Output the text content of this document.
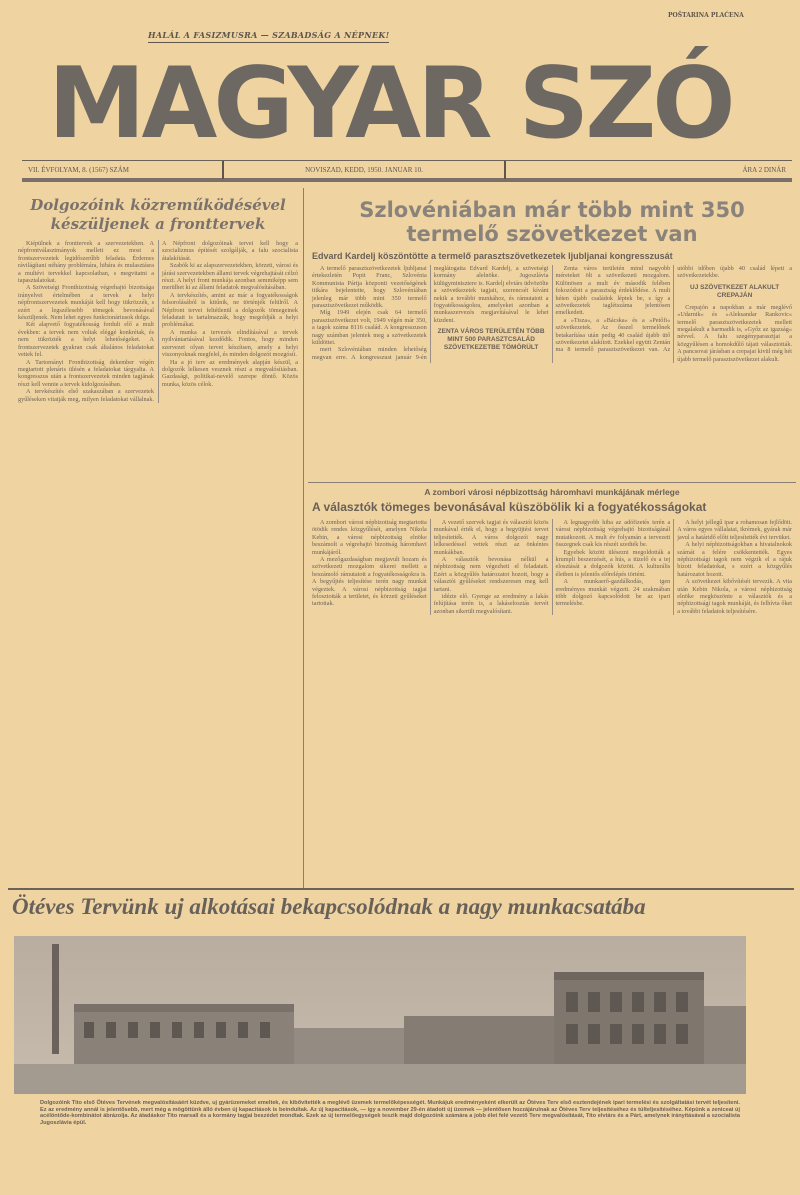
POŠTARINA PLAĆENA
HALÁL A FASIZMUSRA — SZABADSÁG A NÉPNEK!
MAGYAR SZÓ
VII. ÉVFOLYAM, 8. (1567) SZÁM	NOVISZAD, KEDD, 1950. JANUAR 10.	ÁRA 2 DINÁR
Dolgozóink közreműködésével készüljenek a fronttervek

Kiépülnek a fronttervek a szervezetekben. A népfrontválasztmányok mellett ez most a frontszervezetek legidőszerűbb feladata. Érdemes rávilágítani néhány problémára, hibára és mulasztásra a multévi tervekkel kapcsolatban, s megvitatni a tapasztalatokat.

A Szövetségi Fronthizottság végrehajtó bizottsága irányelvei értelmében a tervek a helyi népfrontszervezetek munkáját kell hogy tükrözzék, s ezért a legszélesebb tömegek bevonásával készüljenek. Nem lehet egyes funkcionáriusok dolga.

Két alapvető fogyatékosság fordult elő a mult években: a tervek nem voltak eléggé konkrétak, és nem tükrözték a helyi lehetőségeket. A frontszervezetek gyakran csak általános feladatokat vettek fel.

A Tartományi Fronthizottság dekember végén megtartott plenáris ülésén a feladatokat tárgyalta. A kongresszus után a frontszervezetek minden tagjának részt kell vennie a tervek kidolgozásában.

A tervkészítés első szakaszában a szervezetek gyűléseken vitatják meg, milyen feladatokat vállalnak. A Népfront dolgozóinak tervei kell hogy a szocializmus építését szolgálják, a falu szocialista átalakítását.

Szabók ki az alapszervezetekben, körzeti, városi és járási szervezetekben állami tervek végrehajtását célzó részt. A helyi front munkája azonban semmiképp sem merülhet ki az állami feladatok megvalósításában.

A tervkészítés, amint az már a fogyatékosságok felsorolásából is kitűnik, ne történjék felülről. A Népfront tervei feltétlenül a dolgozók tömegeinek feladatait is tartalmazzák, hogy megoldják a helyi problémákat.

A munka a tervezés elindításával a tervek nyilvántartásával kezdődik. Fontos, hogy minden szervezet olyan tervet készítsen, amely a helyi viszonyoknak megfelel, és minden dolgozót mozgósít.

Ha a jó terv az eredmények alapján készül, a dolgozók lelkesen vesznek részt a megvalósításban. Gazdasági, politikai-nevelő szerepe döntő. Közös munka, közös célok.

Szlovéniában már több mint 350
termelő szövetkezet van
Edvard Kardelj köszöntötte a termelő parasztszövetkezetek ljubljanai kongresszusát

A termelő parasztszövetkezetek ljubljanai értekezletén Popit Franc, Szlovénia Kommunista Pártja központi vezetőségének titkára bejelentette, hogy Szlovéniában jelenleg már több mint 350 termelő parasztszövetkezet működik.

Míg 1949 elején csak 64 termelő parasztszövetkezet volt, 1949 végén már 350, a tagok száma 8116 család. A kongresszuson nagy számban jelentek meg a szövetkezetek küldöttei.

mert Szlovéniában minden lehetőség megvan erre. A kongresszust január 9-én meglátogatta Edvard Kardelj, a szövetségi kormány alelnöke. Jugoszlávia külügyminisztere is. Kardelj elvtárs üdvözölte a szövetkezetek tagjait, szerencsét kívánt nekik a további munkához, és rámutatott a fogyatékosságokra, amelyeket azonban a munkaszervezés megjavításával le lehet küzdeni.

ZENTA VÁROS TERÜLETÉN TÖBB MINT 500 PARASZTCSALÁD SZÖVETKEZETBE TÖMÖRÜLT

Zenta város területén mind nagyobb méreteket ölt a szövetkezeti mozgalom. Különösen a mult év második felében fokozódott a parasztság érdeklődése. A mult héten újabb családok léptek be, s így a szövetkezetek taglétszáma jelentősen emelkedett.

a »Tisza«, a »Bácska« és a »Petőfi« szövetkezetek. Az ősszel termelőnek betakarítása után pedig 40 család újabb ütő szövetkezetet alakított. Ezekkel együtt Zentán ma 8 termelő parasztszövetkezet van. Az utóbbi időben újabb 40 család lépett a szövetkezetekbe.

UJ SZÖVETKEZET ALAKULT CREPAJÁN

Crepajón a napokban a már meglévő »Udarnik« és »Aleksandar Rankovic« termelő parasztszövetkezetek mellett megalakult a harmadik is, »Győz az igazság« névvel. A falu szegényparasztjai a közgyűlésen a homokdűlő tájait választották. A pancsovai járásban a crepajai kivül még hét újabb termelő parasztszövetkezet alakult.

A zombori városi népbizottság háromhavi munkájának mérlege
A választók tömeges bevonásával küszöbölik ki a fogyatékosságokat

A zombori városi népbizottság megtartotta ötödik rendes közgyűlését, amelyen Nikola Kebin, a városi népbizottság elnöke beszámolt a végrehajtó bizottság háromhavi munkájáról.

A mezőgazdaságban megjavult hozam és szövetkezeti mozgalom sikerei mellett a beszámoló rámutatott a fogyatékosságokra is. A begyűjtés teljesítése terén nagy munkát végeztek. A városi népbizottság tagjai felosztották a területet, és körzeti gyűléseket tartottak.

A vezető szervek tagjai és választói közös munkával érték el, hogy a begyüjtési tervet teljesítették. A város dolgozói nagy lelkesedéssel vettek részt az önkéntes munkákban.

A választók bevonása nélkül a népbizottság nem végezheti el feladatait. Ezért a közgyűlés határozatot hozott, hogy a választói gyűléseket rendszeresen meg kell tartani.

idézte elő. Gyenge az eredmény a lakás felújítása terén is, a lakáselosztás tervét azonban sikerült megvalósítani.

A legnagyobb hiba az adófizetés terén a városi népbizottság végrehajtó bizottságánál mutatkozott. A mult év folyamán a tervezett összegnek csak kis részét szedték be.

Egyebek között ülésezni megoldották a krumpli beszerzését, a hús, a tüzelő és a tej elosztását a dolgozók között. A kulturális életben is jelentős előrelépés történt.

A munkaerő-gazdálkodás, igen eredményes munkát végzett. 24 szakmában több dolgozó kapcsolódott be az ipari termelésbe.

A helyi jellegű ipar a rohamosan fejlődött. A város egyes vállalatai, ikrémek, gyárak már javul a határidő előtt teljesítették évi tervüket.

A helyi néphizottságokban a hivatalnokok számát a felére csökkentették. Egyes néphizottsági tagok nem végzik el a rájuk bízott feladatokat, s ezért a közgyűlés határozatot hozott.

A szövetkezet kibővítését tervezik. A vita után Kebin Nikola, a városi néphizottság elnöke megköszönte a választók és a néphizottsági tagok munkáját, és felhívta őket a további feladatok teljesítésére.

Ötéves Tervünk uj alkotásai bekapcsolódnak a nagy munkacsatába
Dolgozóink Tito első Ötéves Tervének megvalósításáért küzdve, uj gyárüzemeket emeltek, és kibővítették a meglévő üzemek termelőképességét. Munkájuk eredményeként elkerült az Ötéves Terv első esztendejének ipari termelési és szolgáltatási tervét teljesíteni. Ez az eredmény annál is jelentősebb, mert még a mögöttünk álló évben új kapacitások is beindultak. Az új kapacitások, — így a november 29-én átadott új üzemek — jelentősen hozzájárulnak az Ötéves Terv teljesítéséhez és túlteljesítéséhez. Képünk a zeniceai új acélöntőde-kombinátot ábrázolja. Az átadáskor Tito marsall és a kormány tagjai beszédet mondtak. Ezek az új termelőegységek teszik majd dolgozóink számára a jobb élet felé vezető Terv megvalósítását, Tito elvtárs és a Párt, amelynek irányításával a szocialista Jugoszlávia épül.
